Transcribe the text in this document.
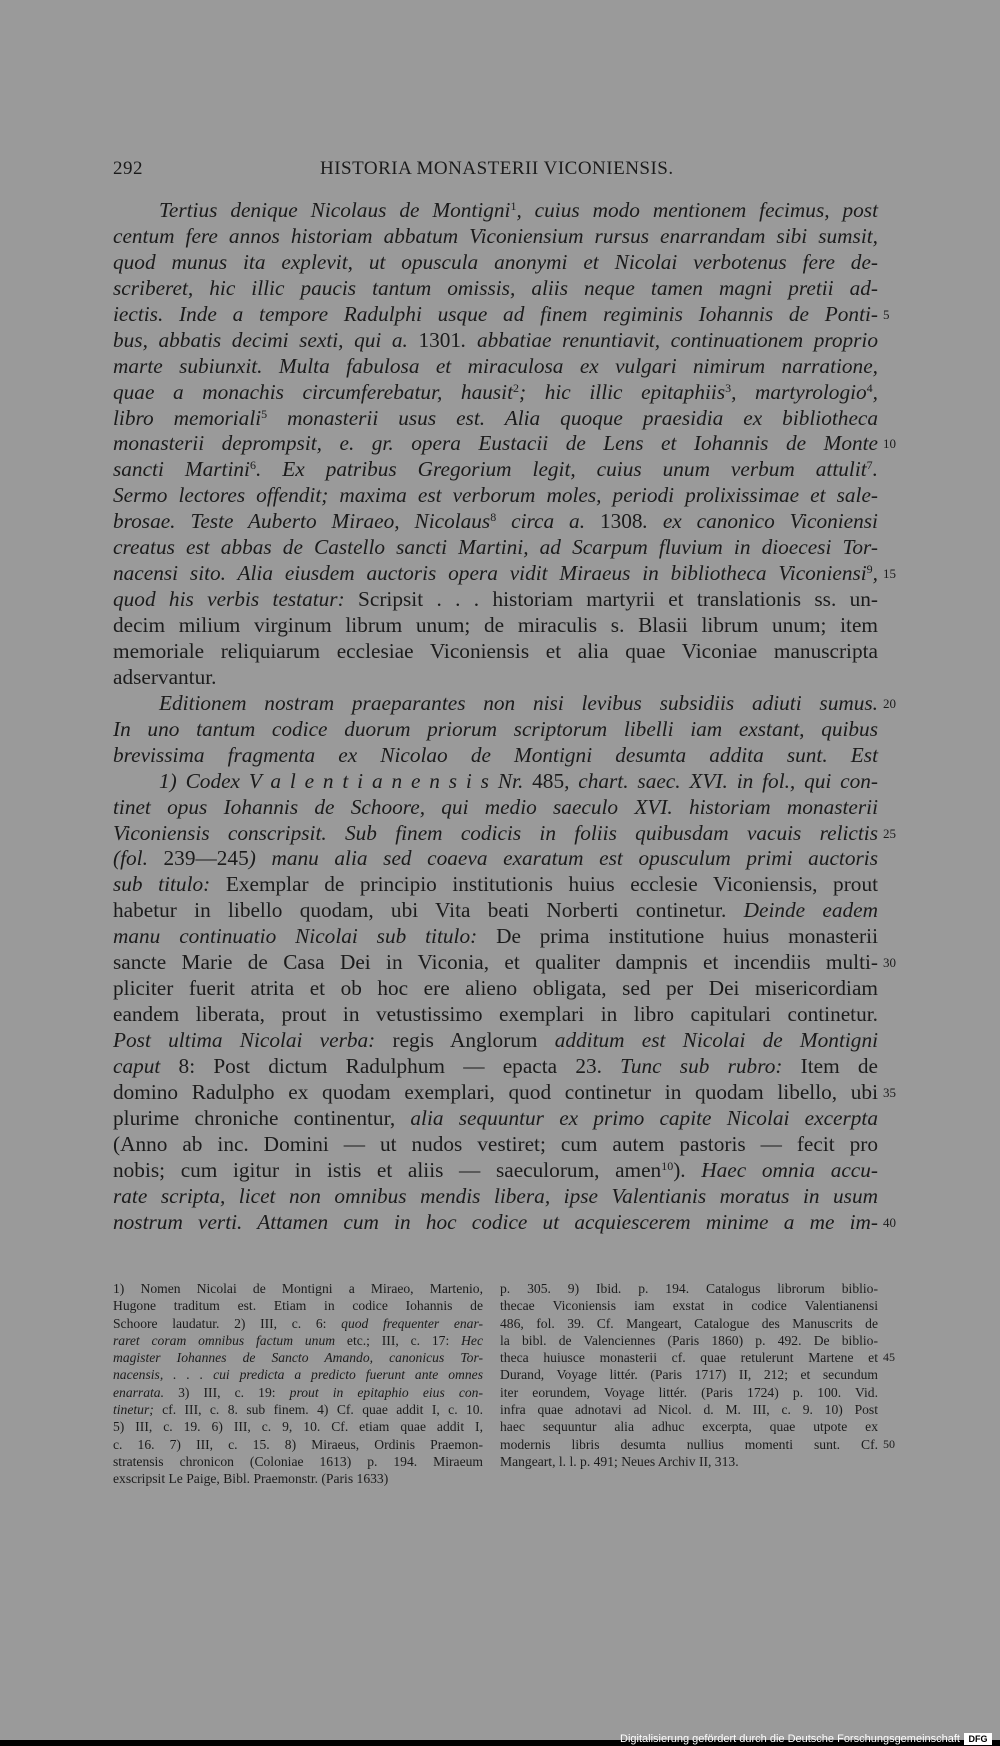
292	HISTORIA MONASTERII VICONIENSIS.
Tertius denique Nicolaus de Montigni$^1$, cuius modo mentionem fecimus, post
centum fere annos historiam abbatum Viconiensium rursus enarrandam sibi sumsit,
quod munus ita explevit, ut opuscula anonymi et Nicolai verbotenus fere de-
scriberet, hic illic paucis tantum omissis, aliis neque tamen magni pretii ad-
iectis. Inde a tempore Radulphi usque ad finem regiminis Iohannis de Ponti- 5
bus, abbatis decimi sexti, qui a. 1301. abbatiae renuntiavit, continuationem proprio
marte subiunxit. Multa fabulosa et miraculosa ex vulgari nimirum narratione,
quae a monachis circumferebatur, hausit$^2$; hic illic epitaphiis$^3$, martyrologio$^4$,
libro memoriali$^5$ monasterii usus est. Alia quoque praesidia ex bibliotheca
monasterii deprompsit, e. gr. opera Eustacii de Lens et Iohannis de Monte 10
sancti Martini$^6$. Ex patribus Gregorium legit, cuius unum verbum attulit$^7$.
Sermo lectores offendit; maxima est verborum moles, periodi prolixissimae et sale-
brosae. Teste Auberto Miraeo, Nicolaus$^8$ circa a. 1308. ex canonico Viconiensi
creatus est abbas de Castello sancti Martini, ad Scarpum fluvium in dioecesi Tor-
nacensi sito. Alia eiusdem auctoris opera vidit Miraeus in bibliotheca Viconiensi$^9$, 15
quod his verbis testatur: Scripsit . . . historiam martyrii et translationis ss. un-
decim milium virginum librum unum; de miraculis s. Blasii librum unum; item
memoriale reliquiarum ecclesiae Viconiensis et alia quae Viconiae manuscripta
adservantur.
Editionem nostram praeparantes non nisi levibus subsidiis adiuti sumus. 20
In uno tantum codice duorum priorum scriptorum libelli iam exstant, quibus
brevissima fragmenta ex Nicolao de Montigni desumta addita sunt. Est
1) Codex V a l e n t i a n e n s i s Nr. 485, chart. saec. XVI. in fol., qui con-
tinet opus Iohannis de Schoore, qui medio saeculo XVI. historiam monasterii
Viconiensis conscripsit. Sub finem codicis in foliis quibusdam vacuis relictis 25
(fol. 239—245) manu alia sed coaeva exaratum est opusculum primi auctoris
sub titulo: Exemplar de principio institutionis huius ecclesie Viconiensis, prout
habetur in libello quodam, ubi Vita beati Norberti continetur. Deinde eadem
manu continuatio Nicolai sub titulo: De prima institutione huius monasterii
sancte Marie de Casa Dei in Viconia, et qualiter dampnis et incendiis multi- 30
pliciter fuerit atrita et ob hoc ere alieno obligata, sed per Dei misericordiam
eandem liberata, prout in vetustissimo exemplari in libro capitulari continetur.
Post ultima Nicolai verba: regis Anglorum additum est Nicolai de Montigni
caput 8: Post dictum Radulphum — epacta 23. Tunc sub rubro: Item de
domino Radulpho ex quodam exemplari, quod continetur in quodam libello, ubi 35
plurime chroniche continentur, alia sequuntur ex primo capite Nicolai excerpta
(Anno ab inc. Domini — ut nudos vestiret; cum autem pastoris — fecit pro
nobis; cum igitur in istis et aliis — saeculorum, amen$^{10}$). Haec omnia accu-
rate scripta, licet non omnibus mendis libera, ipse Valentianis moratus in usum
nostrum verti. Attamen cum in hoc codice ut acquiescerem minime a me im- 40
1) Nomen Nicolai de Montigni a Miraeo, Martenio,
Hugone traditum est. Etiam in codice Iohannis de
Schoore laudatur. 2) III, c. 6: quod frequenter enar-
raret coram omnibus factum unum etc.; III, c. 17: Hec
magister Iohannes de Sancto Amando, canonicus Tor-
nacensis, . . . cui predicta a predicto fuerunt ante omnes
enarrata. 3) III, c. 19: prout in epitaphio eius con-
tinetur; cf. III, c. 8. sub finem. 4) Cf. quae addit I, c. 10.
5) III, c. 19. 6) III, c. 9, 10. Cf. etiam quae addit I,
c. 16. 7) III, c. 15. 8) Miraeus, Ordinis Praemon-
stratensis chronicon (Coloniae 1613) p. 194. Miraeum
exscripsit Le Paige, Bibl. Praemonstr. (Paris 1633)
p. 305. 9) Ibid. p. 194. Catalogus librorum biblio-
thecae Viconiensis iam exstat in codice Valentianensi
486, fol. 39. Cf. Mangeart, Catalogue des Manuscrits de
la bibl. de Valenciennes (Paris 1860) p. 492. De biblio-
theca huiusce monasterii cf. quae retulerunt Martene et
Durand, Voyage littér. (Paris 1717) II, 212; et secundum
iter eorundem, Voyage littér. (Paris 1724) p. 100. Vid.
infra quae adnotavi ad Nicol. d. M. III, c. 9. 10) Post
haec sequuntur alia adhuc excerpta, quae utpote ex
modernis libris desumta nullius momenti sunt. Cf.
Mangeart, l. l. p. 491; Neues Archiv II, 313.
45
50
Digitalisierung gefördert durch die Deutsche Forschungsgemeinschaft DFG
